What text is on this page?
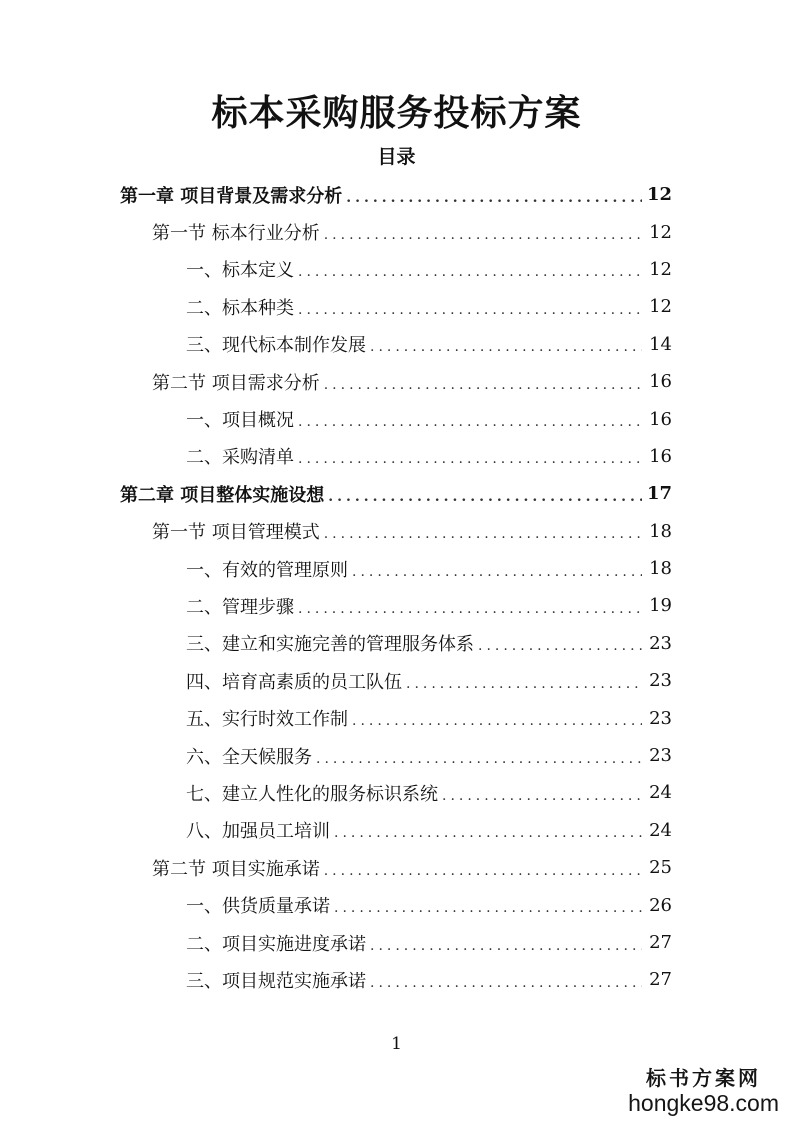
标本采购服务投标方案
目录
第一章 项目背景及需求分析 .....	12
第一节 标本行业分析 .....	12
一、标本定义 .....	12
二、标本种类 .....	12
三、现代标本制作发展 .....	14
第二节 项目需求分析 .....	16
一、项目概况 .....	16
二、采购清单 .....	16
第二章 项目整体实施设想 .....	17
第一节 项目管理模式 .....	18
一、有效的管理原则 .....	18
二、管理步骤 .....	19
三、建立和实施完善的管理服务体系 .....	23
四、培育高素质的员工队伍 .....	23
五、实行时效工作制 .....	23
六、全天候服务 .....	23
七、建立人性化的服务标识系统 .....	24
八、加强员工培训 .....	24
第二节 项目实施承诺 .....	25
一、供货质量承诺 .....	26
二、项目实施进度承诺 .....	27
三、项目规范实施承诺 .....	27
1
标书方案网
hongke98.com
